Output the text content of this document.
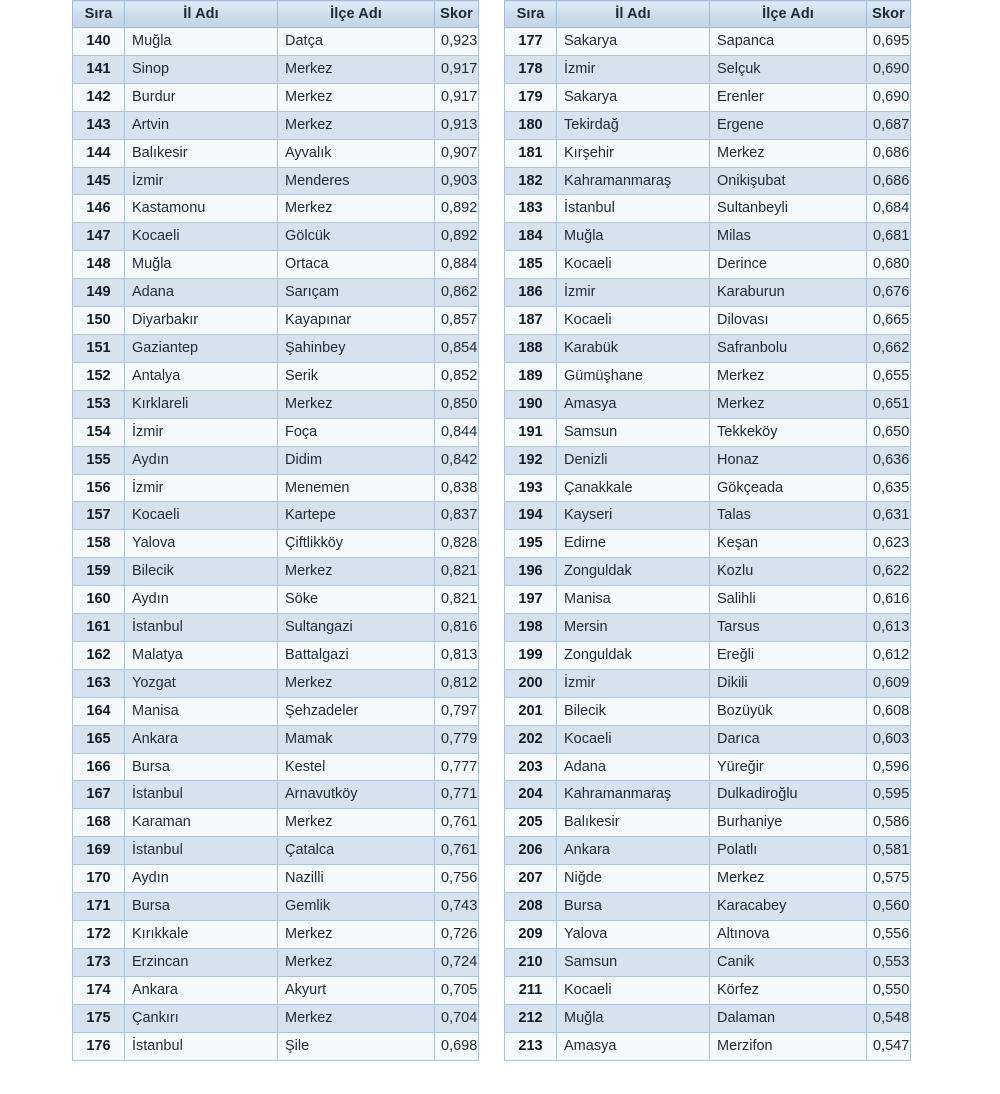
Sıra	İl Adı	İlçe Adı	Skor
140	Muğla	Datça	0,923
141	Sinop	Merkez	0,917
142	Burdur	Merkez	0,917
143	Artvin	Merkez	0,913
144	Balıkesir	Ayvalık	0,907
145	İzmir	Menderes	0,903
146	Kastamonu	Merkez	0,892
147	Kocaeli	Gölcük	0,892
148	Muğla	Ortaca	0,884
149	Adana	Sarıçam	0,862
150	Diyarbakır	Kayapınar	0,857
151	Gaziantep	Şahinbey	0,854
152	Antalya	Serik	0,852
153	Kırklareli	Merkez	0,850
154	İzmir	Foça	0,844
155	Aydın	Didim	0,842
156	İzmir	Menemen	0,838
157	Kocaeli	Kartepe	0,837
158	Yalova	Çiftlikköy	0,828
159	Bilecik	Merkez	0,821
160	Aydın	Söke	0,821
161	İstanbul	Sultangazi	0,816
162	Malatya	Battalgazi	0,813
163	Yozgat	Merkez	0,812
164	Manisa	Şehzadeler	0,797
165	Ankara	Mamak	0,779
166	Bursa	Kestel	0,777
167	İstanbul	Arnavutköy	0,771
168	Karaman	Merkez	0,761
169	İstanbul	Çatalca	0,761
170	Aydın	Nazilli	0,756
171	Bursa	Gemlik	0,743
172	Kırıkkale	Merkez	0,726
173	Erzincan	Merkez	0,724
174	Ankara	Akyurt	0,705
175	Çankırı	Merkez	0,704
176	İstanbul	Şile	0,698
Sıra	İl Adı	İlçe Adı	Skor
177	Sakarya	Sapanca	0,695
178	İzmir	Selçuk	0,690
179	Sakarya	Erenler	0,690
180	Tekirdağ	Ergene	0,687
181	Kırşehir	Merkez	0,686
182	Kahramanmaraş	Onikişubat	0,686
183	İstanbul	Sultanbeyli	0,684
184	Muğla	Milas	0,681
185	Kocaeli	Derince	0,680
186	İzmir	Karaburun	0,676
187	Kocaeli	Dilovası	0,665
188	Karabük	Safranbolu	0,662
189	Gümüşhane	Merkez	0,655
190	Amasya	Merkez	0,651
191	Samsun	Tekkeköy	0,650
192	Denizli	Honaz	0,636
193	Çanakkale	Gökçeada	0,635
194	Kayseri	Talas	0,631
195	Edirne	Keşan	0,623
196	Zonguldak	Kozlu	0,622
197	Manisa	Salihli	0,616
198	Mersin	Tarsus	0,613
199	Zonguldak	Ereğli	0,612
200	İzmir	Dikili	0,609
201	Bilecik	Bozüyük	0,608
202	Kocaeli	Darıca	0,603
203	Adana	Yüreğir	0,596
204	Kahramanmaraş	Dulkadiroğlu	0,595
205	Balıkesir	Burhaniye	0,586
206	Ankara	Polatlı	0,581
207	Niğde	Merkez	0,575
208	Bursa	Karacabey	0,560
209	Yalova	Altınova	0,556
210	Samsun	Canik	0,553
211	Kocaeli	Körfez	0,550
212	Muğla	Dalaman	0,548
213	Amasya	Merzifon	0,547
